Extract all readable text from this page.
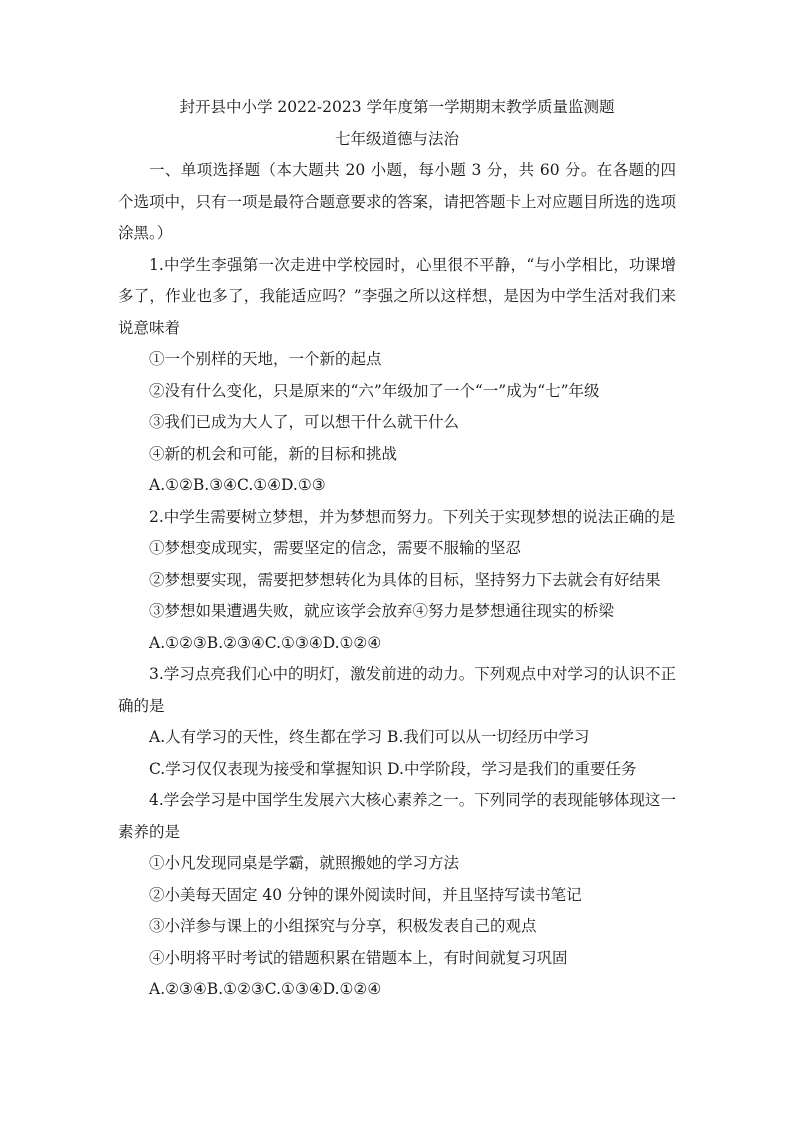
封开县中小学 2022-2023 学年度第一学期期末教学质量监测题
七年级道德与法治

一、单项选择题（本大题共 20 小题，每小题 3 分，共 60 分。在各题的四个选项中，只有一项是最符合题意要求的答案，请把答题卡上对应题目所选的选项涂黑。）

1.中学生李强第一次走进中学校园时，心里很不平静，“与小学相比，功课增多了，作业也多了，我能适应吗？”李强之所以这样想，是因为中学生活对我们来说意味着

①一个别样的天地，一个新的起点

②没有什么变化，只是原来的“六”年级加了一个“一”成为“七”年级

③我们已成为大人了，可以想干什么就干什么

④新的机会和可能，新的目标和挑战

A.①②B.③④C.①④D.①③

2.中学生需要树立梦想，并为梦想而努力。下列关于实现梦想的说法正确的是

①梦想变成现实，需要坚定的信念，需要不服输的坚忍

②梦想要实现，需要把梦想转化为具体的目标，坚持努力下去就会有好结果

③梦想如果遭遇失败，就应该学会放弃④努力是梦想通往现实的桥梁

A.①②③B.②③④C.①③④D.①②④

3.学习点亮我们心中的明灯，激发前进的动力。下列观点中对学习的认识不正确的是

A.人有学习的天性，终生都在学习 B.我们可以从一切经历中学习

C.学习仅仅表现为接受和掌握知识 D.中学阶段，学习是我们的重要任务

4.学会学习是中国学生发展六大核心素养之一。下列同学的表现能够体现这一素养的是

①小凡发现同桌是学霸，就照搬她的学习方法

②小美每天固定 40 分钟的课外阅读时间，并且坚持写读书笔记

③小洋参与课上的小组探究与分享，积极发表自己的观点

④小明将平时考试的错题积累在错题本上，有时间就复习巩固

A.②③④B.①②③C.①③④D.①②④
